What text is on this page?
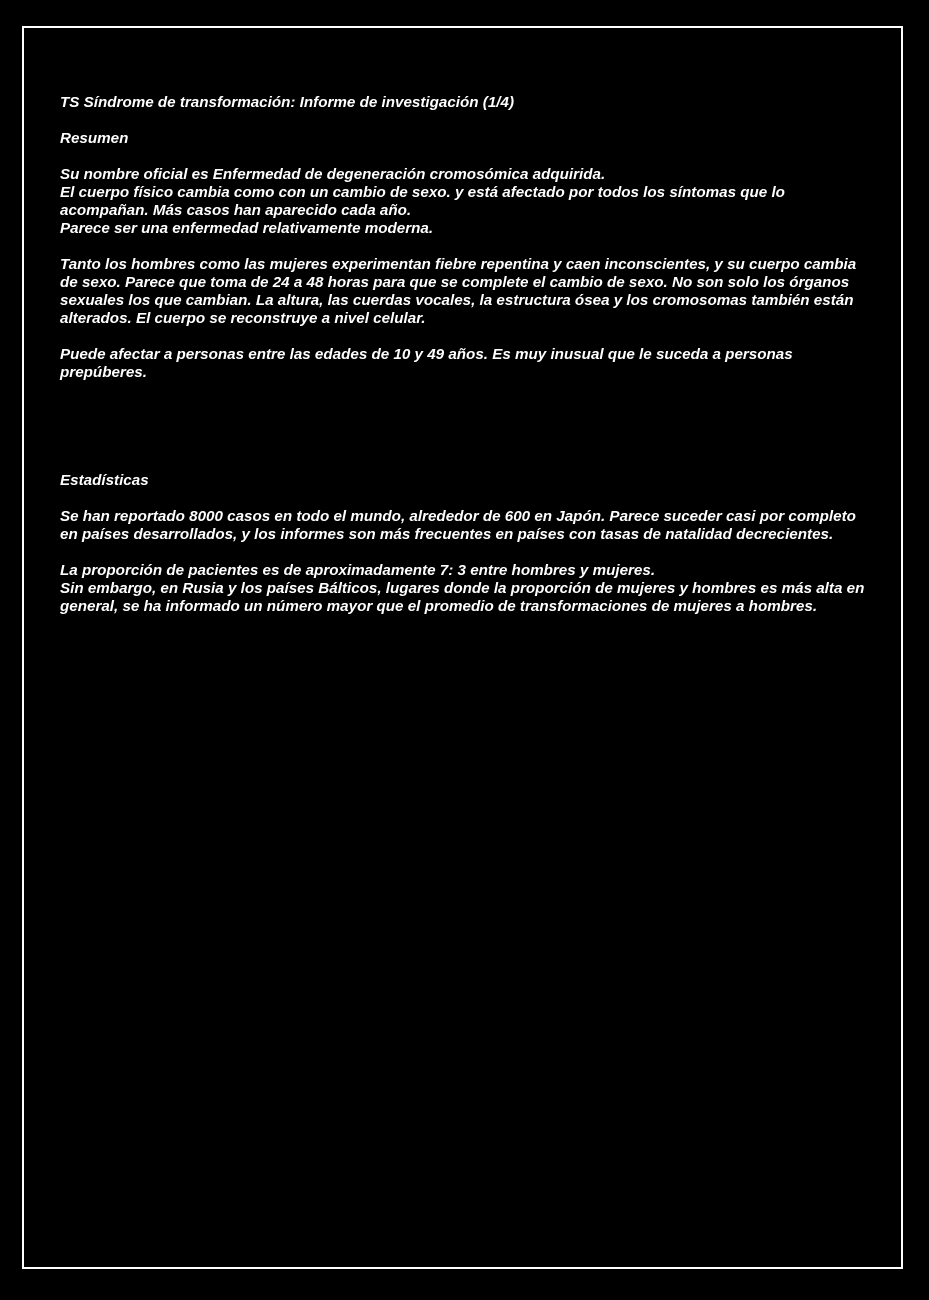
TS Síndrome de transformación: Informe de investigación (1/4)

Resumen

Su nombre oficial es Enfermedad de degeneración cromosómica adquirida.

El cuerpo físico cambia como con un cambio de sexo. y está afectado por todos los síntomas que lo acompañan. Más casos han aparecido cada año.

Parece ser una enfermedad relativamente moderna.

Tanto los hombres como las mujeres experimentan fiebre repentina y caen inconscientes, y su cuerpo cambia de sexo. Parece que toma de 24 a 48 horas para que se complete el cambio de sexo. No son solo los órganos sexuales los que cambian. La altura, las cuerdas vocales, la estructura ósea y los cromosomas también están alterados. El cuerpo se reconstruye a nivel celular.

Puede afectar a personas entre las edades de 10 y 49 años. Es muy inusual que le suceda a personas prepúberes.

Estadísticas

Se han reportado 8000 casos en todo el mundo, alrededor de 600 en Japón. Parece suceder casi por completo en países desarrollados, y los informes son más frecuentes en países con tasas de natalidad decrecientes.

La proporción de pacientes es de aproximadamente 7: 3 entre hombres y mujeres.

Sin embargo, en Rusia y los países Bálticos, lugares donde la proporción de mujeres y hombres es más alta en general, se ha informado un número mayor que el promedio de transformaciones de mujeres a hombres.
